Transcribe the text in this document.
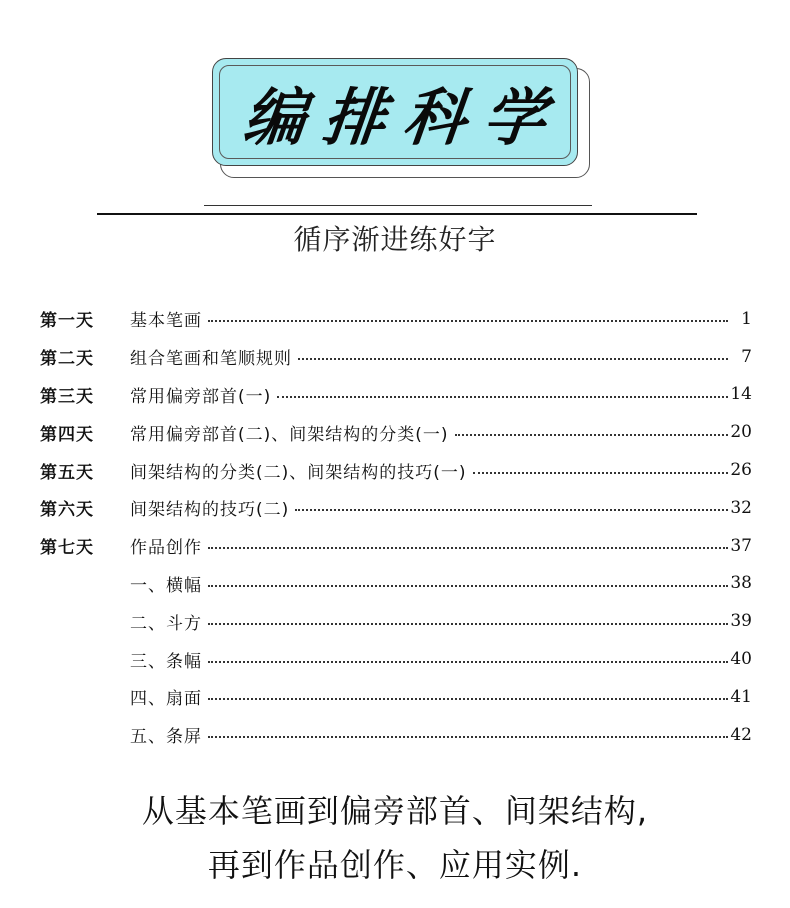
编排科学
循序渐进练好字
第一天	基本笔画	1
第二天	组合笔画和笔顺规则	7
第三天	常用偏旁部首(一)	14
第四天	常用偏旁部首(二)、间架结构的分类(一)	20
第五天	间架结构的分类(二)、间架结构的技巧(一)	26
第六天	间架结构的技巧(二)	32
第七天	作品创作	37
一、横幅	38
二、斗方	39
三、条幅	40
四、扇面	41
五、条屏	42
从基本笔画到偏旁部首、间架结构,
再到作品创作、应用实例.
